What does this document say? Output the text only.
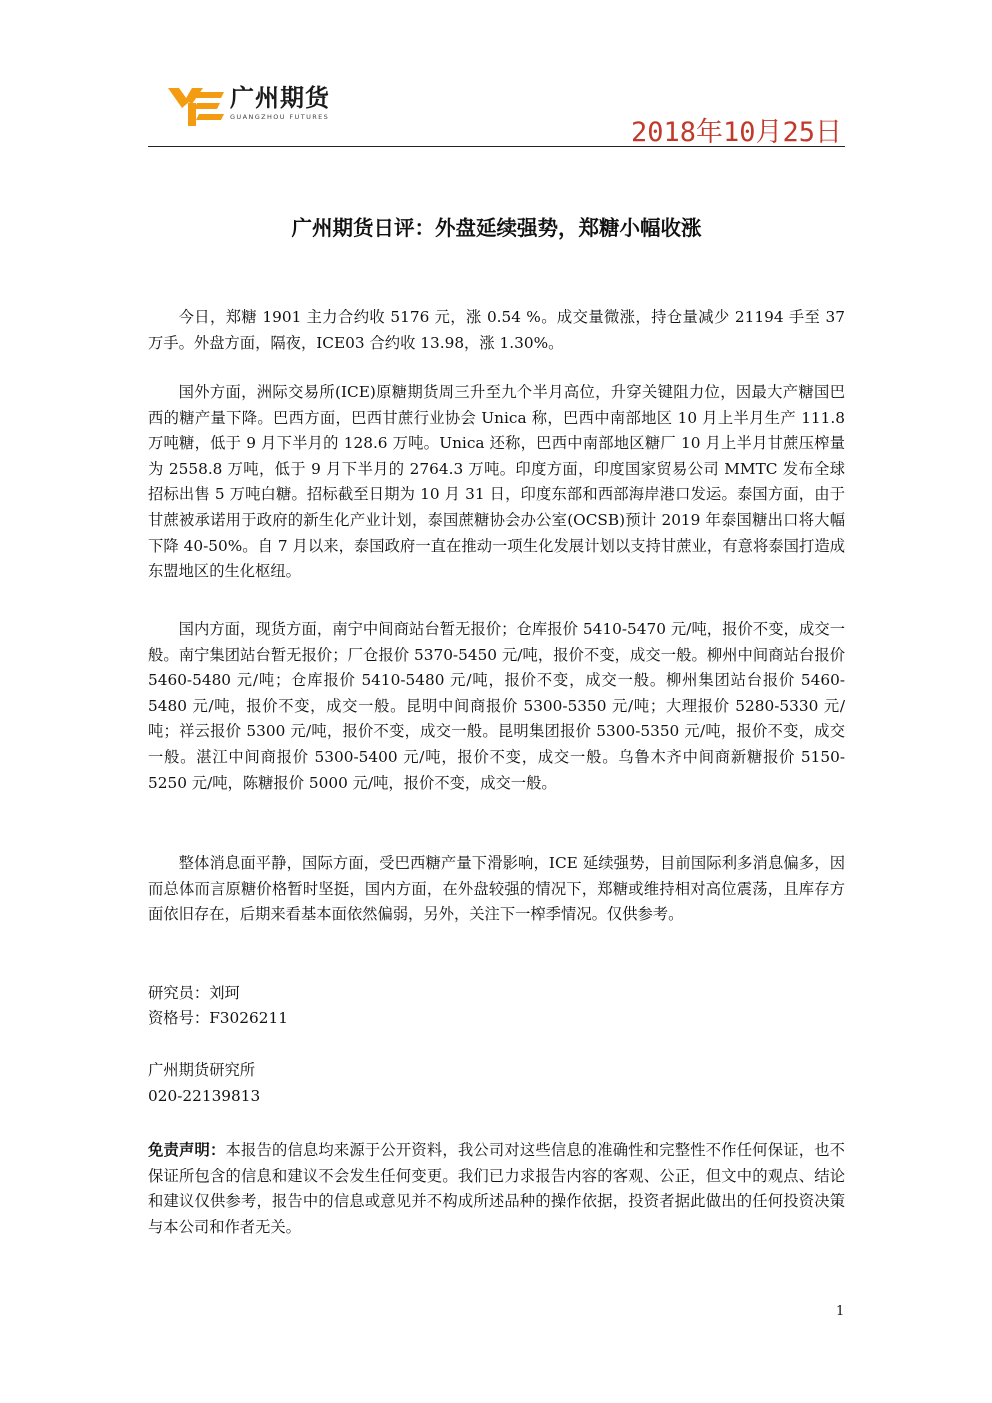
广州期货
GUANGZHOU FUTURES	2018年10月25日
广州期货日评：外盘延续强势，郑糖小幅收涨

今日，郑糖 1901 主力合约收 5176 元，涨 0.54 %。成交量微涨，持仓量减少 21194 手至 37 万手。外盘方面，隔夜，ICE03 合约收 13.98，涨 1.30%。

国外方面，洲际交易所(ICE)原糖期货周三升至九个半月高位，升穿关键阻力位，因最大产糖国巴西的糖产量下降。巴西方面，巴西甘蔗行业协会 Unica 称，巴西中南部地区 10 月上半月生产 111.8 万吨糖，低于 9 月下半月的 128.6 万吨。Unica 还称，巴西中南部地区糖厂 10 月上半月甘蔗压榨量为 2558.8 万吨，低于 9 月下半月的 2764.3 万吨。印度方面，印度国家贸易公司 MMTC 发布全球招标出售 5 万吨白糖。招标截至日期为 10 月 31 日，印度东部和西部海岸港口发运。泰国方面，由于甘蔗被承诺用于政府的新生化产业计划，泰国蔗糖协会办公室(OCSB)预计 2019 年泰国糖出口将大幅下降 40-50%。自 7 月以来，泰国政府一直在推动一项生化发展计划以支持甘蔗业，有意将泰国打造成东盟地区的生化枢纽。

国内方面，现货方面，南宁中间商站台暂无报价；仓库报价 5410-5470 元/吨，报价不变，成交一般。南宁集团站台暂无报价；厂仓报价 5370-5450 元/吨，报价不变，成交一般。柳州中间商站台报价 5460-5480 元/吨；仓库报价 5410-5480 元/吨，报价不变，成交一般。柳州集团站台报价 5460-5480 元/吨，报价不变，成交一般。昆明中间商报价 5300-5350 元/吨；大理报价 5280-5330 元/吨；祥云报价 5300 元/吨，报价不变，成交一般。昆明集团报价 5300-5350 元/吨，报价不变，成交一般。湛江中间商报价 5300-5400 元/吨，报价不变，成交一般。乌鲁木齐中间商新糖报价 5150-5250 元/吨，陈糖报价 5000 元/吨，报价不变，成交一般。

整体消息面平静，国际方面，受巴西糖产量下滑影响，ICE 延续强势，目前国际利多消息偏多，因而总体而言原糖价格暂时坚挺，国内方面，在外盘较强的情况下，郑糖或维持相对高位震荡，且库存方面依旧存在，后期来看基本面依然偏弱，另外，关注下一榨季情况。仅供参考。

研究员：刘珂

资格号：F3026211

广州期货研究所

020-22139813

免责声明：本报告的信息均来源于公开资料，我公司对这些信息的准确性和完整性不作任何保证，也不保证所包含的信息和建议不会发生任何变更。我们已力求报告内容的客观、公正，但文中的观点、结论和建议仅供参考，报告中的信息或意见并不构成所述品种的操作依据，投资者据此做出的任何投资决策与本公司和作者无关。

1
